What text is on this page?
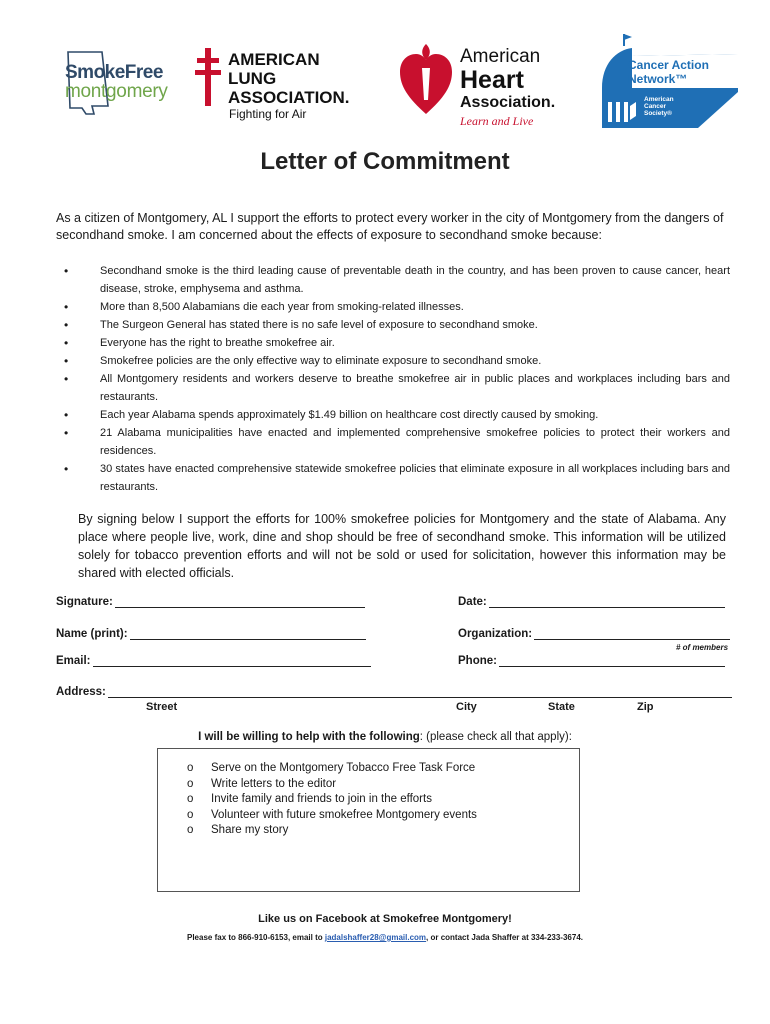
SmokeFree
montgomery
AMERICAN
LUNG
ASSOCIATION.
Fighting for Air
American
Heart
Association.
Learn and Live
Cancer Action
Network™
American Cancer Society®
Letter of Commitment
As a citizen of Montgomery, AL I support the efforts to protect every worker in the city of Montgomery from the dangers of secondhand smoke. I am concerned about the effects of exposure to secondhand smoke because:
• Secondhand smoke is the third leading cause of preventable death in the country, and has been proven to cause cancer, heart disease, stroke, emphysema and asthma.
• More than 8,500 Alabamians die each year from smoking-related illnesses.
• The Surgeon General has stated there is no safe level of exposure to secondhand smoke.
• Everyone has the right to breathe smokefree air.
• Smokefree policies are the only effective way to eliminate exposure to secondhand smoke.
• All Montgomery residents and workers deserve to breathe smokefree air in public places and workplaces including bars and restaurants.
• Each year Alabama spends approximately $1.49 billion on healthcare cost directly caused by smoking.
• 21 Alabama municipalities have enacted and implemented comprehensive smokefree policies to protect their workers and residences.
• 30 states have enacted comprehensive statewide smokefree policies that eliminate exposure in all workplaces including bars and restaurants.
By signing below I support the efforts for 100% smokefree policies for Montgomery and the state of Alabama. Any place where people live, work, dine and shop should be free of secondhand smoke. This information will be utilized solely for tobacco prevention efforts and will not be sold or used for solicitation, however this information may be shared with elected officials.
Signature:	Date:
Name (print):	Organization:
# of members
Email:	Phone:
Address:
Street	City	State	Zip
I will be willing to help with the following: (please check all that apply):
o Serve on the Montgomery Tobacco Free Task Force
o Write letters to the editor
o Invite family and friends to join in the efforts
o Volunteer with future smokefree Montgomery events
o Share my story
Like us on Facebook at Smokefree Montgomery!
Please fax to 866-910-6153, email to jadalshaffer28@gmail.com, or contact Jada Shaffer at 334-233-3674.
